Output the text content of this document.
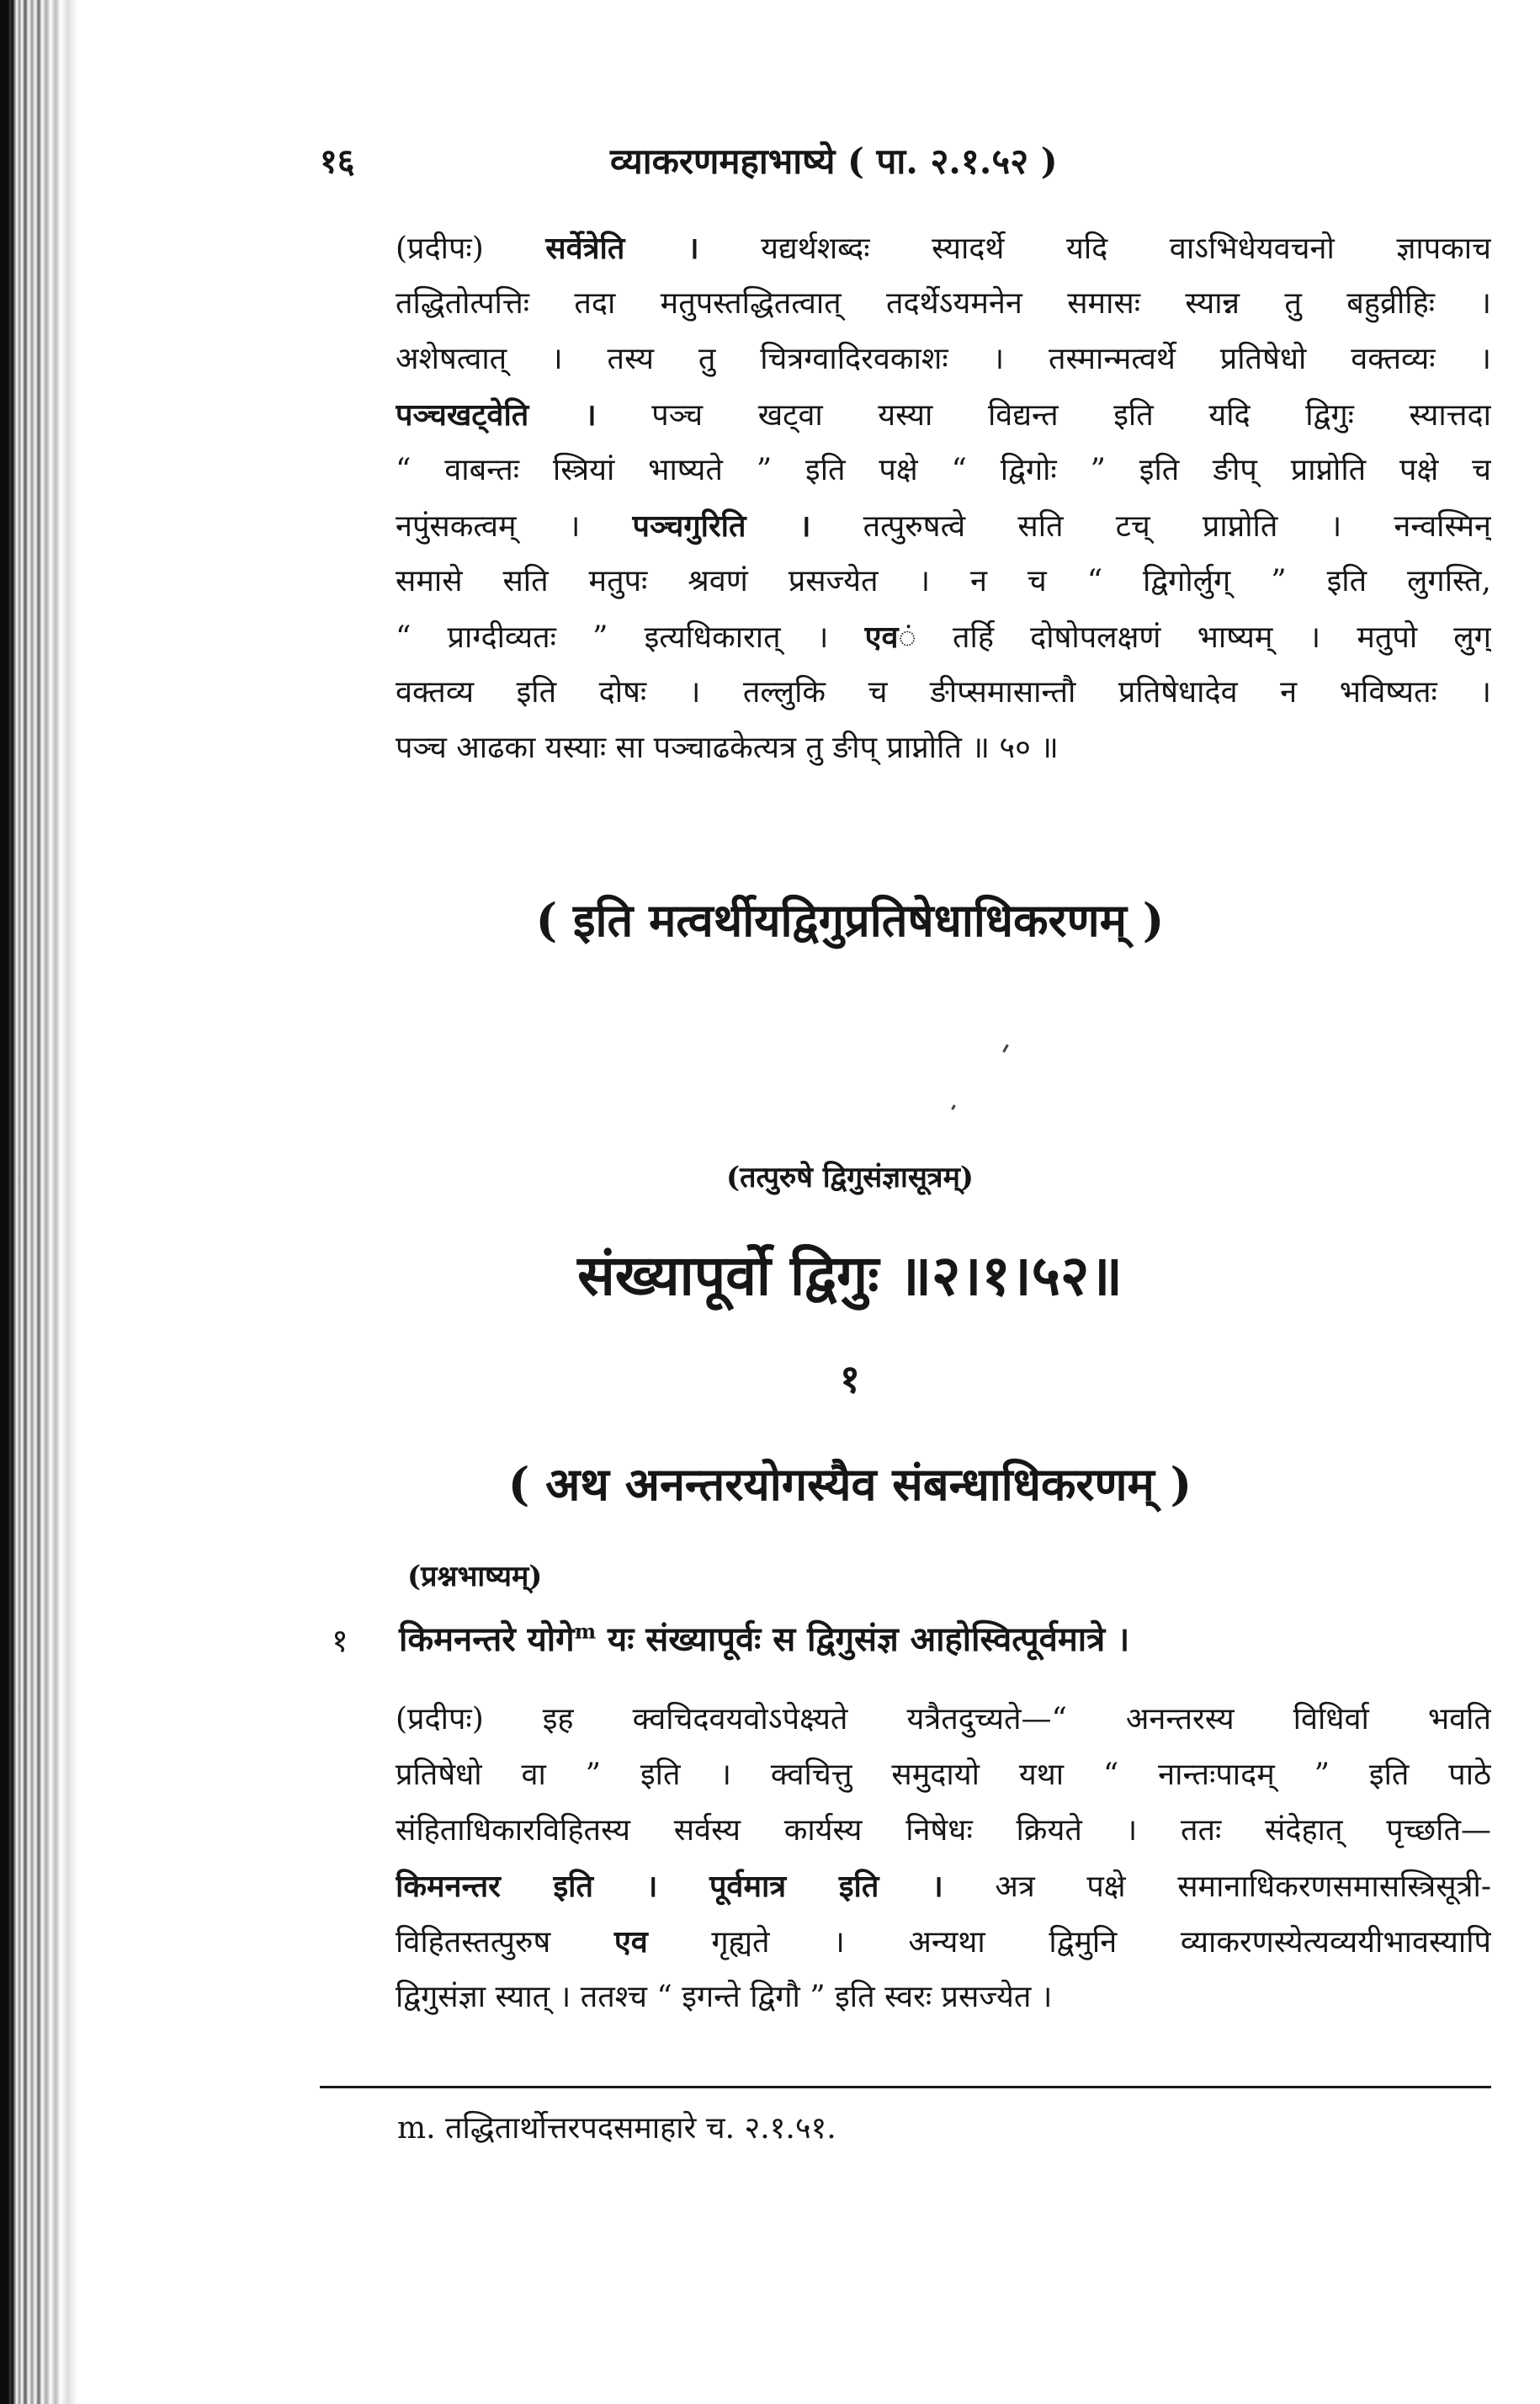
१६	व्याकरणमहाभाष्ये ( पा. २.१.५२ )
(प्रदीपः) सर्वेत्रेति । यद्यर्थशब्दः स्यादर्थे यदि वाऽभिधेयवचनो ज्ञापकाच
तद्धितोत्पत्तिः तदा मतुपस्तद्धितत्वात् तदर्थेऽयमनेन समासः स्यान्न तु बहुव्रीहिः ।
अशेषत्वात् । तस्य तु चित्रग्वादिरवकाशः । तस्मान्मत्वर्थे प्रतिषेधो वक्तव्यः ।
पञ्चखट्वेति । पञ्च खट्वा यस्या विद्यन्त इति यदि द्विगुः स्यात्तदा
“ वाबन्तः स्त्रियां भाष्यते ” इति पक्षे “ द्विगोः ” इति ङीप् प्राप्नोति पक्षे च
नपुंसकत्वम् । पञ्चगुरिति । तत्पुरुषत्वे सति टच् प्राप्नोति । नन्वस्मिन्
समासे सति मतुपः श्रवणं प्रसज्येत । न च “ द्विगोर्लुग् ” इति लुगस्ति,
“ प्राग्दीव्यतः ” इत्यधिकारात् । एवं तर्हि दोषोपलक्षणं भाष्यम् । मतुपो लुग्
वक्तव्य इति दोषः । तल्लुकि च ङीप्समासान्तौ प्रतिषेधादेव न भविष्यतः ।
पञ्च आढका यस्याः सा पञ्चाढकेत्यत्र तु ङीप् प्राप्नोति ॥ ५० ॥
( इति मत्वर्थीयद्विगुप्रतिषेधाधिकरणम् )
(तत्पुरुषे द्विगुसंज्ञासूत्रम्)
संख्यापूर्वो द्विगुः ॥२।१।५२॥
१
( अथ अनन्तरयोगस्यैव संबन्धाधिकरणम् )
(प्रश्नभाष्यम्)
१ किमनन्तरे योगे$^m$ यः संख्यापूर्वः स द्विगुसंज्ञ आहोस्वित्पूर्वमात्रे ।
(प्रदीपः) इह क्वचिदवयवोऽपेक्ष्यते यत्रैतदुच्यते—“ अनन्तरस्य विधिर्वा भवति
प्रतिषेधो वा ” इति । क्वचित्तु समुदायो यथा “ नान्तःपादम् ” इति पाठे
संहिताधिकारविहितस्य सर्वस्य कार्यस्य निषेधः क्रियते । ततः संदेहात् पृच्छति—
किमनन्तर इति । पूर्वमात्र इति । अत्र पक्षे समानाधिकरणसमासस्त्रिसूत्री-
विहितस्तत्पुरुष एव गृह्यते । अन्यथा द्विमुनि व्याकरणस्येत्यव्ययीभावस्यापि
द्विगुसंज्ञा स्यात् । ततश्च “ इगन्ते द्विगौ ” इति स्वरः प्रसज्येत ।
m. तद्धितार्थोत्तरपदसमाहारे च. २.१.५१.
